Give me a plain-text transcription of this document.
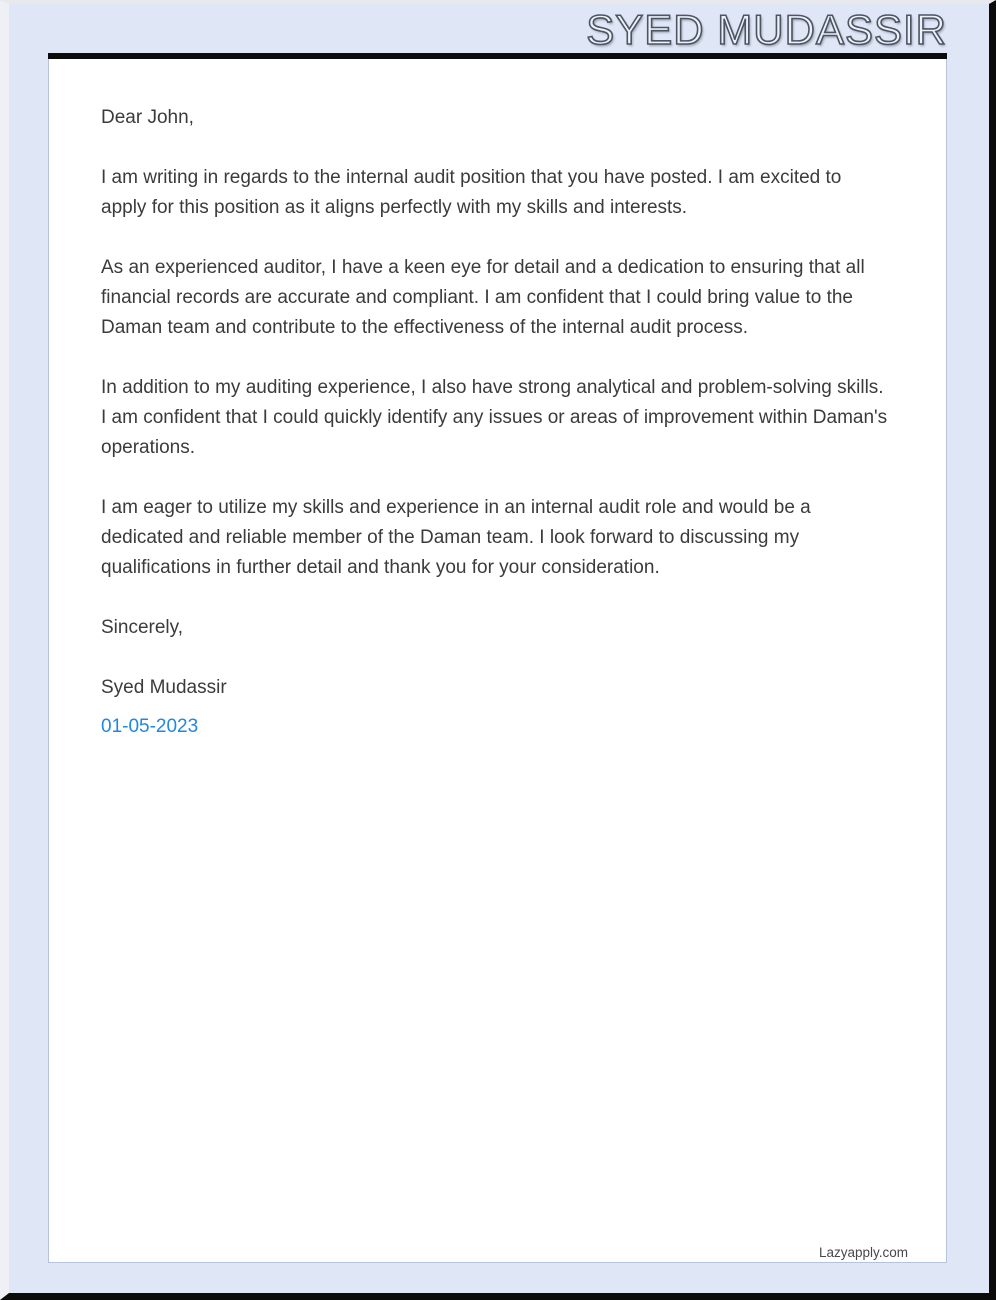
SYED MUDASSIR

Dear John,

I am writing in regards to the internal audit position that you have posted. I am excited to apply for this position as it aligns perfectly with my skills and interests.

As an experienced auditor, I have a keen eye for detail and a dedication to ensuring that all financial records are accurate and compliant. I am confident that I could bring value to the Daman team and contribute to the effectiveness of the internal audit process.

In addition to my auditing experience, I also have strong analytical and problem-solving skills. I am confident that I could quickly identify any issues or areas of improvement within Daman's operations.

I am eager to utilize my skills and experience in an internal audit role and would be a dedicated and reliable member of the Daman team. I look forward to discussing my qualifications in further detail and thank you for your consideration.

Sincerely,

Syed Mudassir

01-05-2023

Lazyapply.com
